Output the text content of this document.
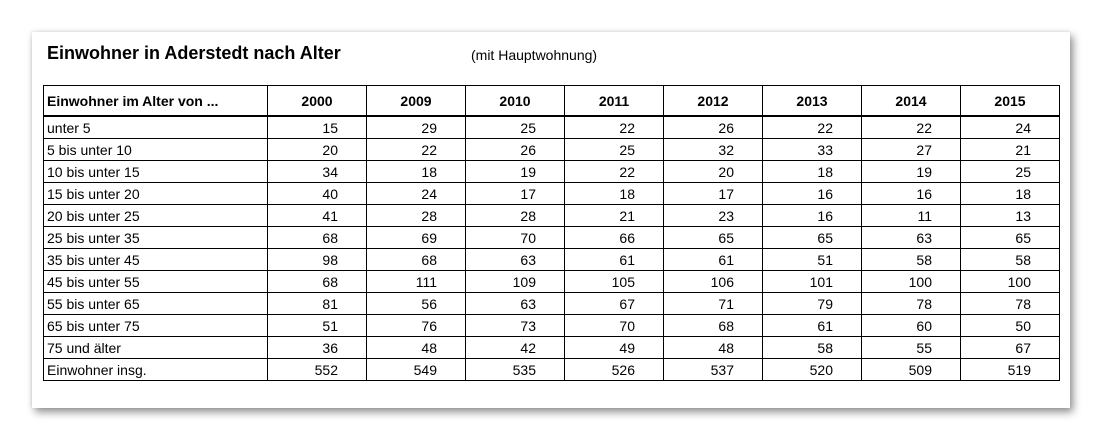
Einwohner in Aderstedt nach Alter	(mit Hauptwohnung)
Einwohner im Alter von ...	2000	2009	2010	2011	2012	2013	2014	2015
unter 5	15	29	25	22	26	22	22	24
5 bis unter 10	20	22	26	25	32	33	27	21
10 bis unter 15	34	18	19	22	20	18	19	25
15 bis unter 20	40	24	17	18	17	16	16	18
20 bis unter 25	41	28	28	21	23	16	11	13
25 bis unter 35	68	69	70	66	65	65	63	65
35 bis unter 45	98	68	63	61	61	51	58	58
45 bis unter 55	68	111	109	105	106	101	100	100
55 bis unter 65	81	56	63	67	71	79	78	78
65 bis unter 75	51	76	73	70	68	61	60	50
75 und älter	36	48	42	49	48	58	55	67
Einwohner insg.	552	549	535	526	537	520	509	519
